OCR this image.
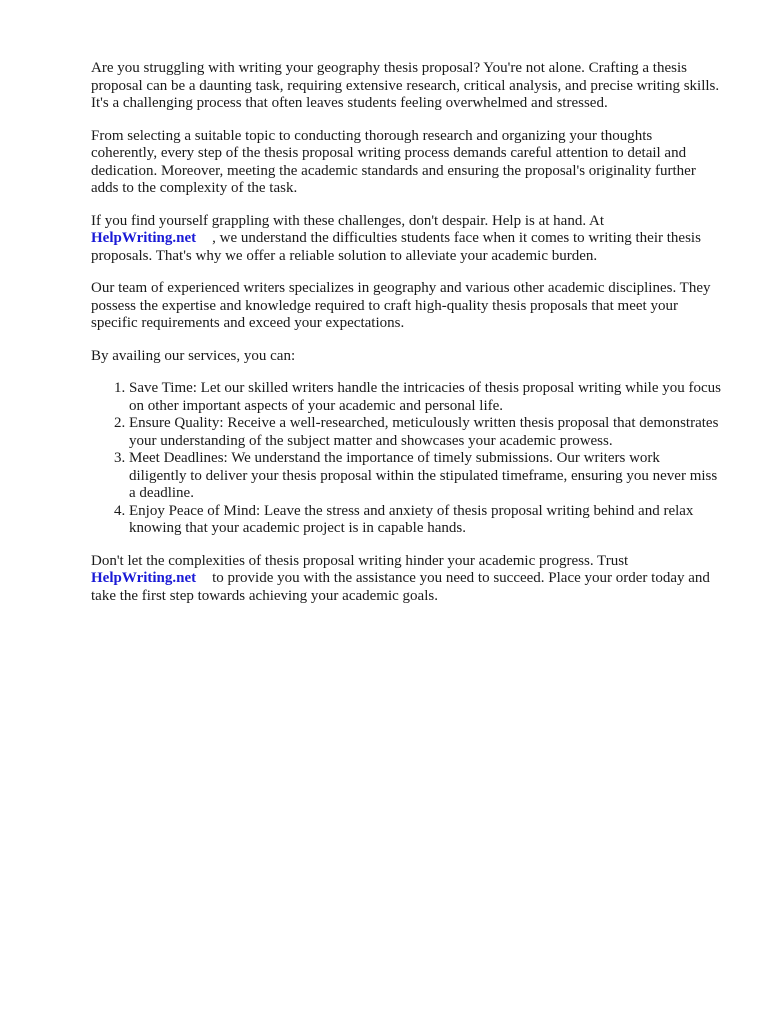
Are you struggling with writing your geography thesis proposal? You're not alone. Crafting a thesis proposal can be a daunting task, requiring extensive research, critical analysis, and precise writing skills. It's a challenging process that often leaves students feeling overwhelmed and stressed.

From selecting a suitable topic to conducting thorough research and organizing your thoughts coherently, every step of the thesis proposal writing process demands careful attention to detail and dedication. Moreover, meeting the academic standards and ensuring the proposal's originality further adds to the complexity of the task.

If you find yourself grappling with these challenges, don't despair. Help is at hand. At HelpWriting.net , we understand the difficulties students face when it comes to writing their thesis proposals. That's why we offer a reliable solution to alleviate your academic burden.

Our team of experienced writers specializes in geography and various other academic disciplines. They possess the expertise and knowledge required to craft high-quality thesis proposals that meet your specific requirements and exceed your expectations.

By availing our services, you can:

1. Save Time: Let our skilled writers handle the intricacies of thesis proposal writing while you focus on other important aspects of your academic and personal life.
2. Ensure Quality: Receive a well-researched, meticulously written thesis proposal that demonstrates your understanding of the subject matter and showcases your academic prowess.
3. Meet Deadlines: We understand the importance of timely submissions. Our writers work diligently to deliver your thesis proposal within the stipulated timeframe, ensuring you never miss a deadline.
4. Enjoy Peace of Mind: Leave the stress and anxiety of thesis proposal writing behind and relax knowing that your academic project is in capable hands.

Don't let the complexities of thesis proposal writing hinder your academic progress. Trust HelpWriting.net to provide you with the assistance you need to succeed. Place your order today and take the first step towards achieving your academic goals.
